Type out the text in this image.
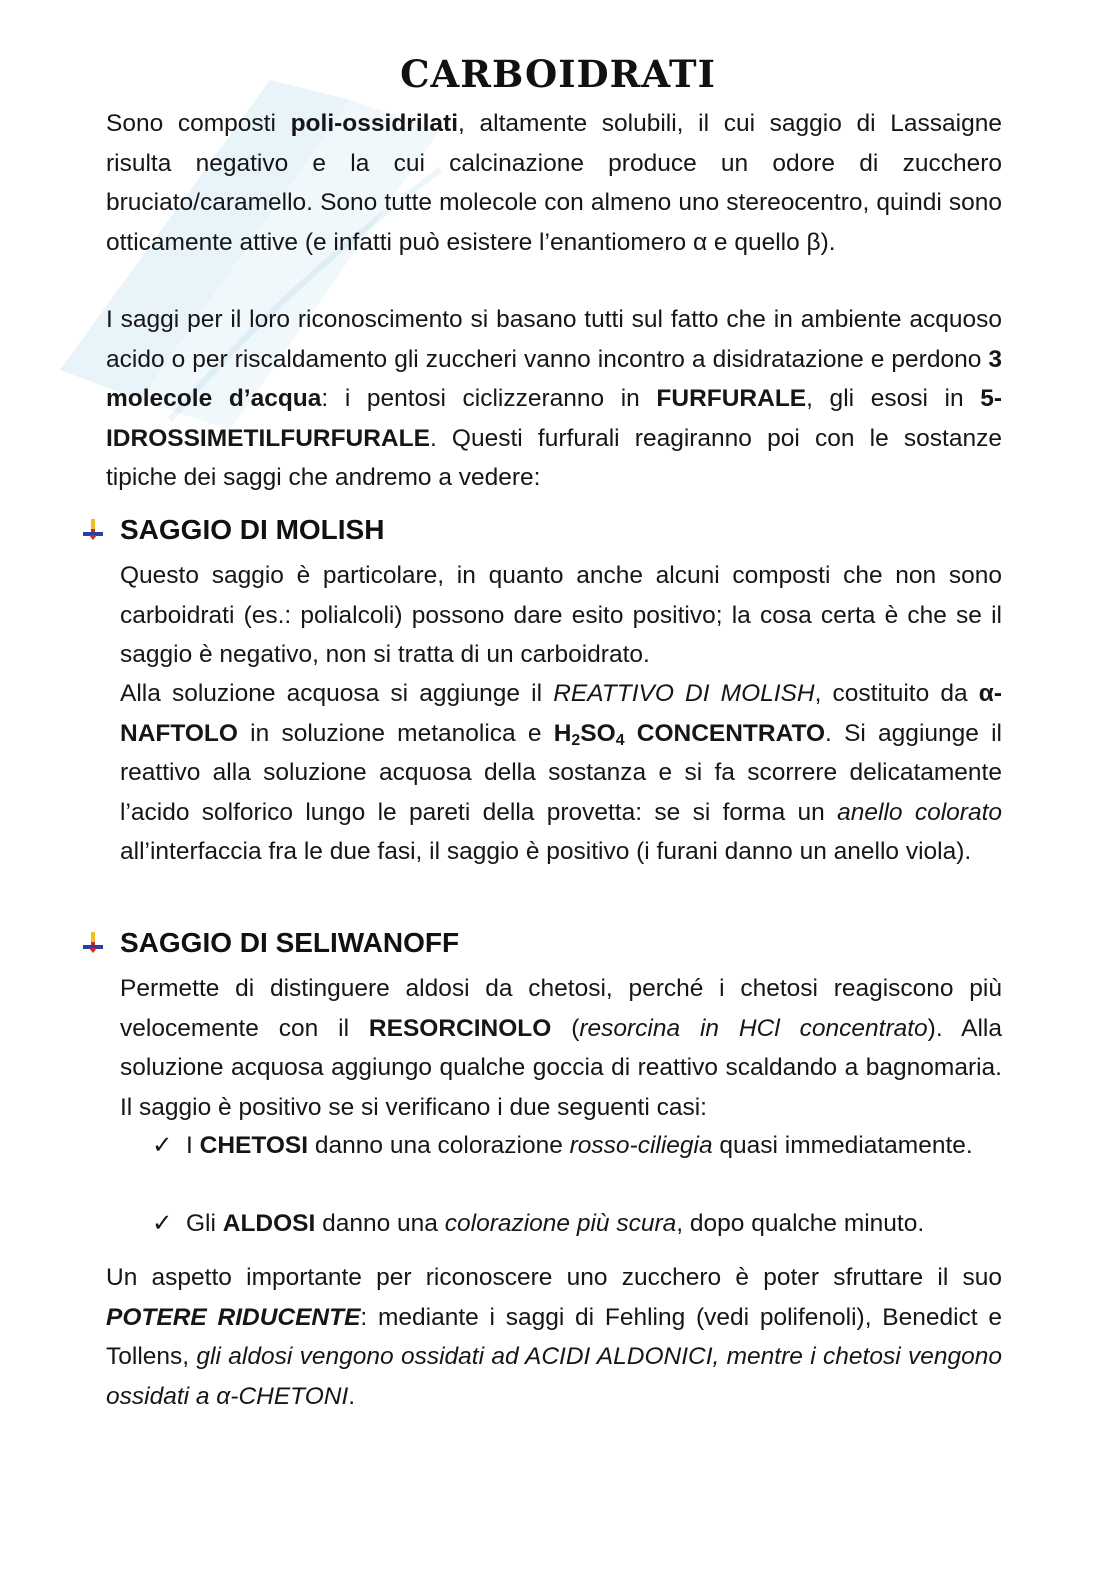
CARBOIDRATI
Sono composti poli-ossidrilati, altamente solubili, il cui saggio di Lassaigne risulta negativo e la cui calcinazione produce un odore di zucchero bruciato/caramello. Sono tutte molecole con almeno uno stereocentro, quindi sono otticamente attive (e infatti può esistere l’enantiomero α e quello β).
I saggi per il loro riconoscimento si basano tutti sul fatto che in ambiente acquoso acido o per riscaldamento gli zuccheri vanno incontro a disidratazione e perdono 3 molecole d’acqua: i pentosi ciclizzeranno in FURFURALE, gli esosi in 5-IDROSSIMETILFURFURALE. Questi furfurali reagiranno poi con le sostanze tipiche dei saggi che andremo a vedere:
SAGGIO DI MOLISH
Questo saggio è particolare, in quanto anche alcuni composti che non sono carboidrati (es.: polialcoli) possono dare esito positivo; la cosa certa è che se il saggio è negativo, non si tratta di un carboidrato.
Alla soluzione acquosa si aggiunge il REATTIVO DI MOLISH, costituito da α-NAFTOLO in soluzione metanolica e $H_2SO_4$ CONCENTRATO. Si aggiunge il reattivo alla soluzione acquosa della sostanza e si fa scorrere delicatamente l’acido solforico lungo le pareti della provetta: se si forma un anello colorato all’interfaccia fra le due fasi, il saggio è positivo (i furani danno un anello viola).
SAGGIO DI SELIWANOFF
Permette di distinguere aldosi da chetosi, perché i chetosi reagiscono più velocemente con il RESORCINOLO (resorcina in HCl concentrato). Alla soluzione acquosa aggiungo qualche goccia di reattivo scaldando a bagnomaria. Il saggio è positivo se si verificano i due seguenti casi:
✓ I CHETOSI danno una colorazione rosso-ciliegia quasi immediatamente.
✓ Gli ALDOSI danno una colorazione più scura, dopo qualche minuto.
Un aspetto importante per riconoscere uno zucchero è poter sfruttare il suo POTERE RIDUCENTE: mediante i saggi di Fehling (vedi polifenoli), Benedict e Tollens, gli aldosi vengono ossidati ad ACIDI ALDONICI, mentre i chetosi vengono ossidati a α-CHETONI.
